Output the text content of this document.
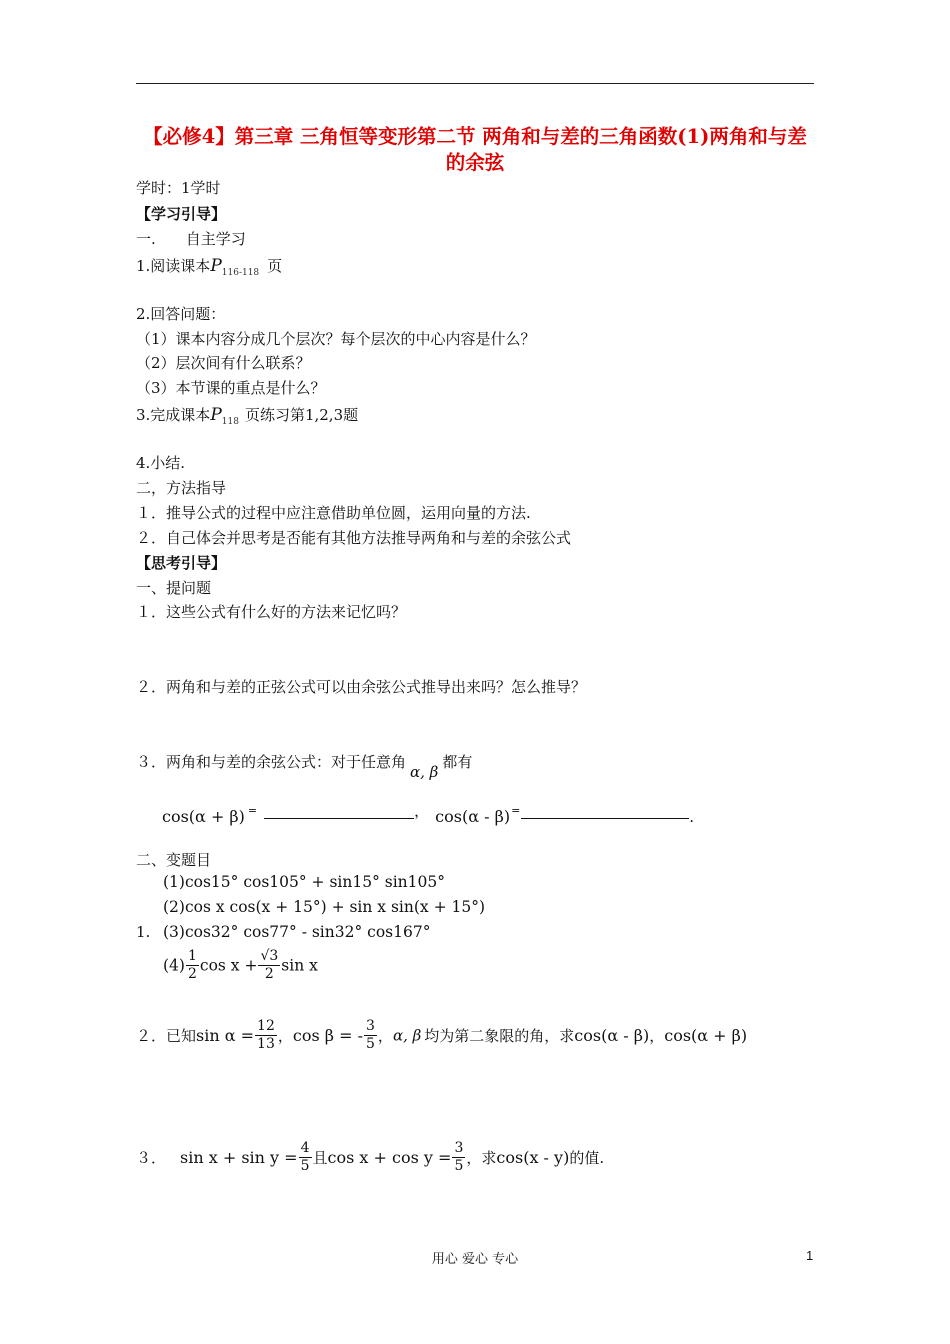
【必修4】第三章 三角恒等变形第二节 两角和与差的三角函数(1)两角和与差的余弦
学时：1学时
【学习引导】
一.　　自主学习
1.阅读课本$P_{116-118}$ 页
2.回答问题：
（1）课本内容分成几个层次？每个层次的中心内容是什么？
（2）层次间有什么联系？
（3）本节课的重点是什么？
3.完成课本$P_{118}$ 页练习第1,2,3题
4.小结.
二，方法指导
１．推导公式的过程中应注意借助单位圆，运用向量的方法.
２．自己体会并思考是否能有其他方法推导两角和与差的余弦公式
【思考引导】
一、提问题
１．这些公式有什么好的方法来记忆吗？
２．两角和与差的正弦公式可以由余弦公式推导出来吗？怎么推导？
３．两角和与差的余弦公式：对于任意角α, β都有
cos(α + β) =	， cos(α - β)=	.
二、变题目
1.
(1)cos15° cos105° + sin15° sin105°
(2)cos x cos(x + 15°) + sin x sin(x + 15°)
(3)cos32° cos77° - sin32° cos167°
$(4) \frac{1}{2}$ $\cos x + \frac{√3}{2}$ sin x
２．已知$\sin \alpha = \frac{12}{13}$ ，cos β = - $\frac{3}{5}$ ，α, β 均为第二象限的角，求cos(α - β)，cos(α + β)
３． $\sin x + \sin y = \frac{4}{5}$ 且$\cos x + \cos y = \frac{3}{5}$ ，求cos(x - y)的值.
用心 爱心 专心	1
